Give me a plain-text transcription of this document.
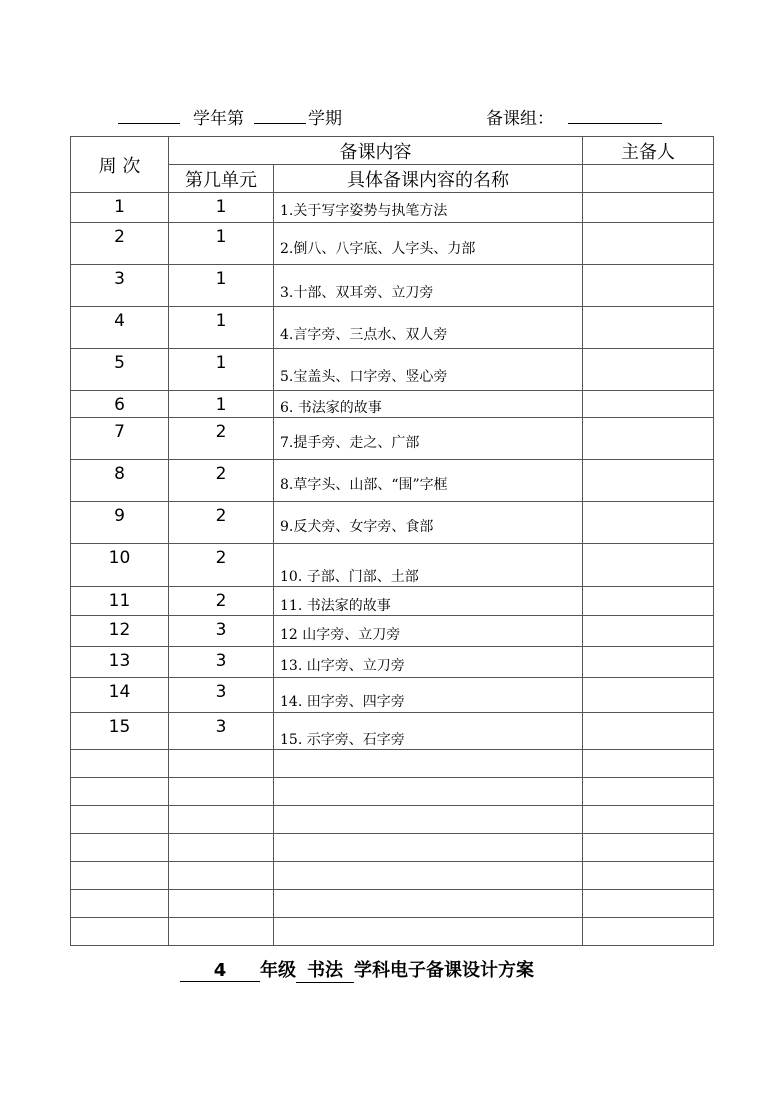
学年第	学期	备课组：
周 次	备课内容		主备人
	第几单元	具体备课内容的名称	
1	1	1.关于写字姿势与执笔方法	
2	1	2.倒八、八字底、人字头、力部	
3	1	3.十部、双耳旁、立刀旁	
4	1	4.言字旁、三点水、双人旁	
5	1	5.宝盖头、口字旁、竖心旁	
6	1	6. 书法家的故事	
7	2	7.提手旁、走之、广部	
8	2	8.草字头、山部、“围”字框	
9	2	9.反犬旁、女字旁、食部	
10	2	10. 子部、门部、土部	
11	2	11. 书法家的故事	
12	3	12 山字旁、立刀旁	
13	3	13. 山字旁、立刀旁	
14	3	14. 田字旁、四字旁	
15	3	15. 示字旁、石字旁	

4 年级 书法 学科电子备课设计方案
